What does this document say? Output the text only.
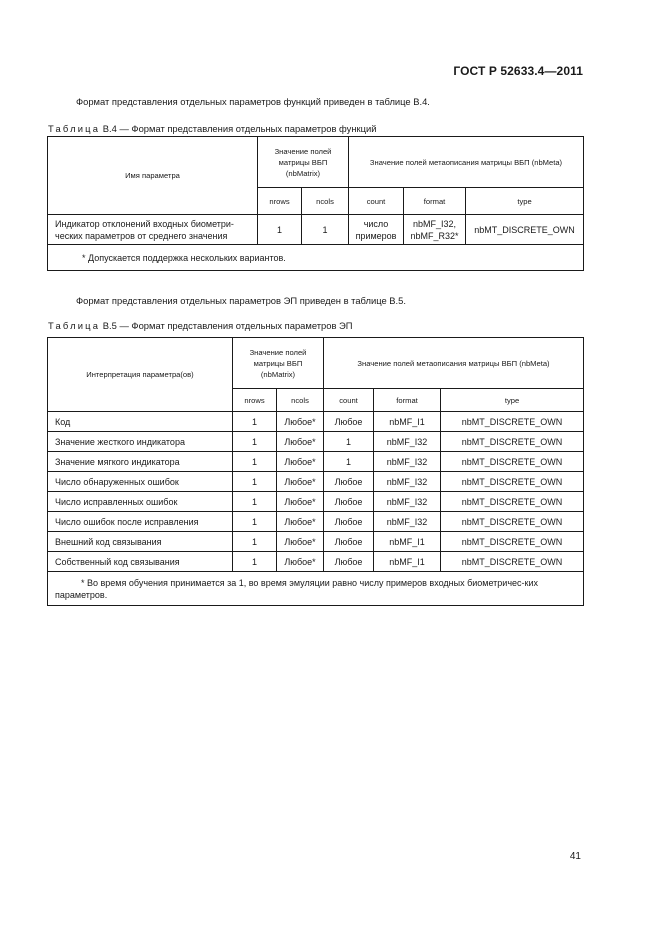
ГОСТ Р 52633.4—2011
Формат представления отдельных параметров функций приведен в таблице В.4.
Таблица В.4 — Формат представления отдельных параметров функций
Имя параметра	Значение полей матрицы ВБП (nbMatrix)		Значение полей метаописания матрицы ВБП (nbMeta)		
	nrows	ncols	count	format	type
Индикатор отклонений входных биометри-ческих параметров от среднего значения	1	1	число примеров	nbMF_I32, nbMF_R32*	nbMT_DISCRETE_OWN
* Допускается поддержка нескольких вариантов.					
Формат представления отдельных параметров ЭП приведен в таблице В.5.
Таблица В.5 — Формат представления отдельных параметров ЭП
Интерпретация параметра(ов)	Значение полей матрицы ВБП (nbMatrix)		Значение полей метаописания матрицы ВБП (nbMeta)		
	nrows	ncols	count	format	type
Код	1	Любое*	Любое	nbMF_I1	nbMT_DISCRETE_OWN
Значение жесткого индикатора	1	Любое*	1	nbMF_I32	nbMT_DISCRETE_OWN
Значение мягкого индикатора	1	Любое*	1	nbMF_I32	nbMT_DISCRETE_OWN
Число обнаруженных ошибок	1	Любое*	Любое	nbMF_I32	nbMT_DISCRETE_OWN
Число исправленных ошибок	1	Любое*	Любое	nbMF_I32	nbMT_DISCRETE_OWN
Число ошибок после исправления	1	Любое*	Любое	nbMF_I32	nbMT_DISCRETE_OWN
Внешний код связывания	1	Любое*	Любое	nbMF_I1	nbMT_DISCRETE_OWN
Собственный код связывания	1	Любое*	Любое	nbMF_I1	nbMT_DISCRETE_OWN
* Во время обучения принимается за 1, во время эмуляции равно числу примеров входных биометричес-ких параметров.					
41
